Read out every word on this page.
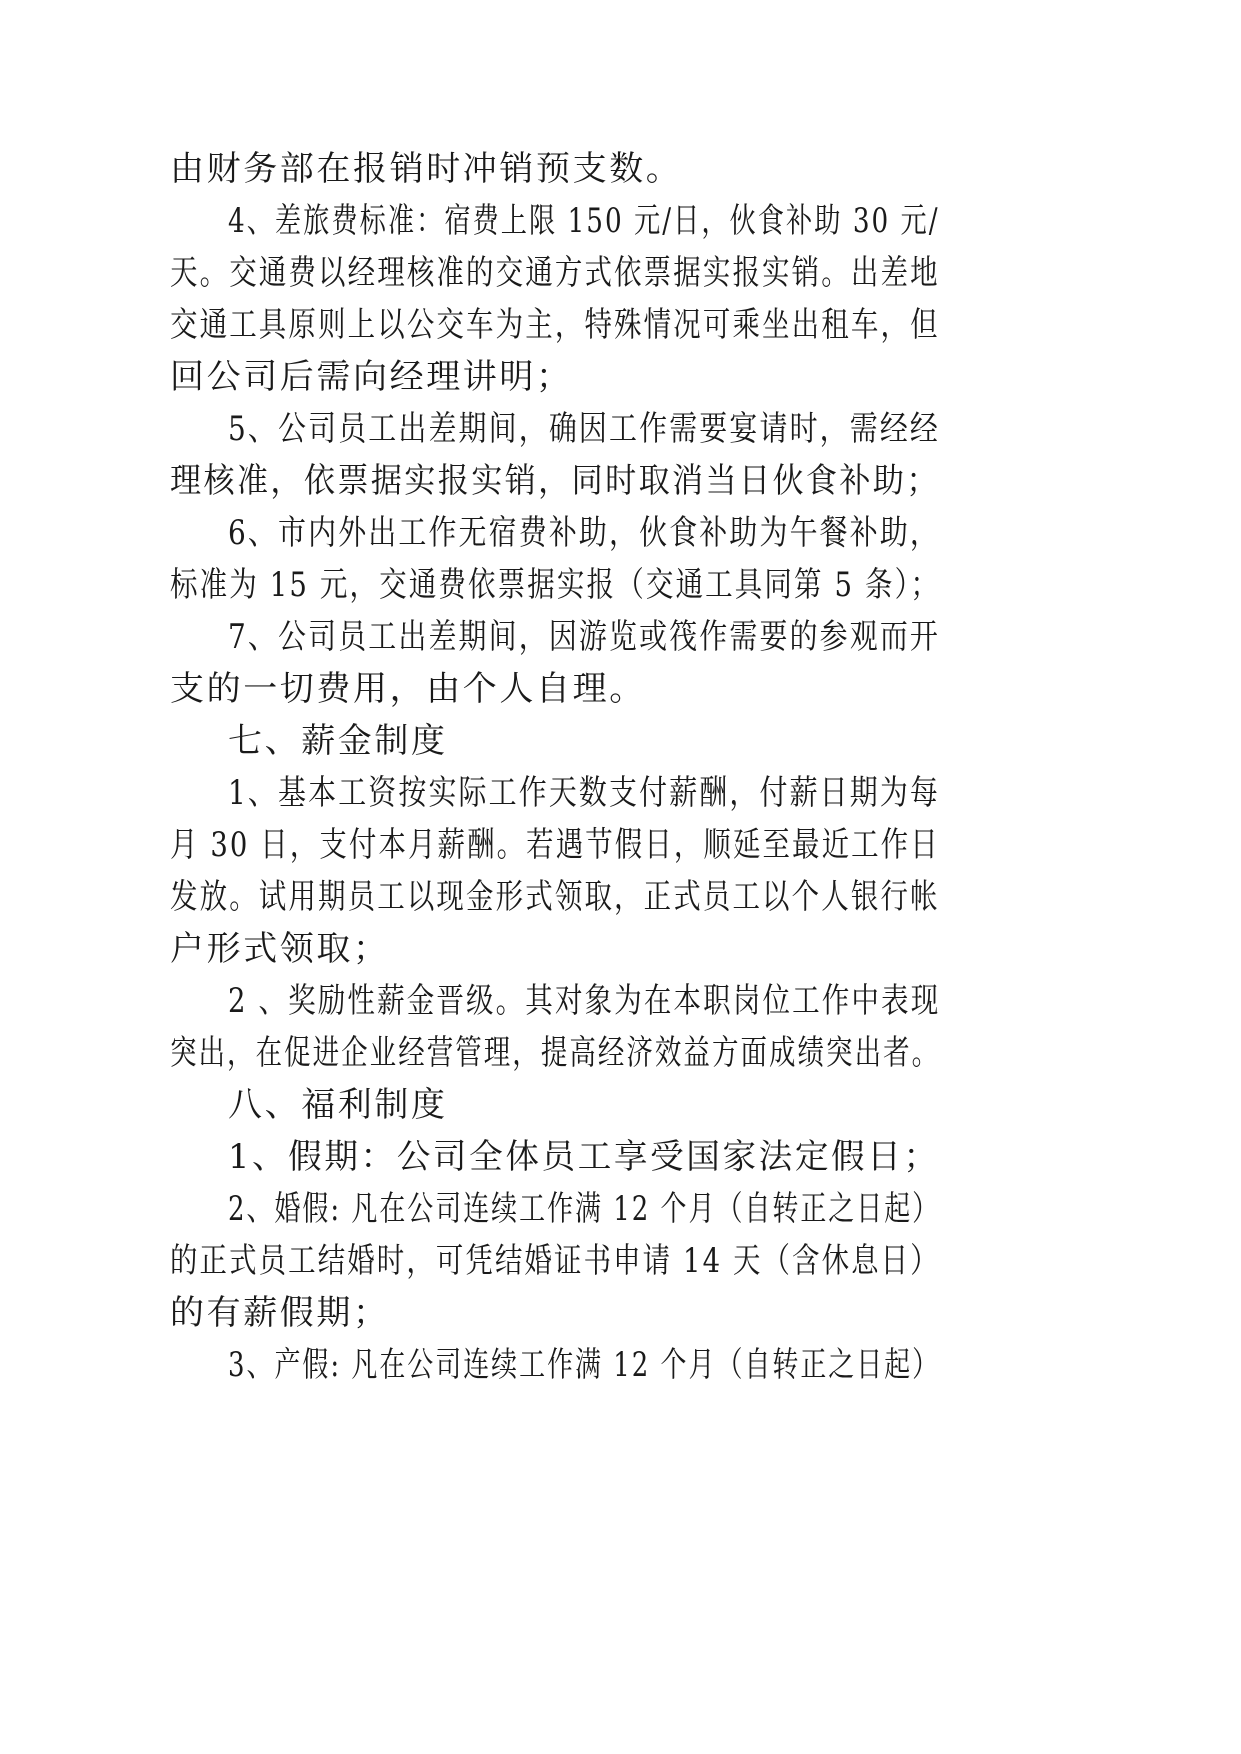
由财务部在报销时冲销预支数。
4、差旅费标准：宿费上限 150 元/日，伙食补助 30 元/
天。交通费以经理核准的交通方式依票据实报实销。出差地
交通工具原则上以公交车为主，特殊情况可乘坐出租车，但
回公司后需向经理讲明；
5、公司员工出差期间，确因工作需要宴请时，需经经
理核准，依票据实报实销，同时取消当日伙食补助；
6、市内外出工作无宿费补助，伙食补助为午餐补助，
标准为 15 元，交通费依票据实报（交通工具同第 5 条）；
7、公司员工出差期间，因游览或筏作需要的参观而开
支的一切费用，由个人自理。
七、薪金制度
1、基本工资按实际工作天数支付薪酬，付薪日期为每
月 30 日，支付本月薪酬。若遇节假日，顺延至最近工作日
发放。试用期员工以现金形式领取，正式员工以个人银行帐
户形式领取；
2 、奖励性薪金晋级。其对象为在本职岗位工作中表现
突出，在促进企业经营管理，提高经济效益方面成绩突出者。
八、福利制度
1、假期：公司全体员工享受国家法定假日；
2、婚假: 凡在公司连续工作满 12 个月（自转正之日起）
的正式员工结婚时，可凭结婚证书申请 14 天（含休息日）
的有薪假期；
3、产假: 凡在公司连续工作满 12 个月（自转正之日起）
